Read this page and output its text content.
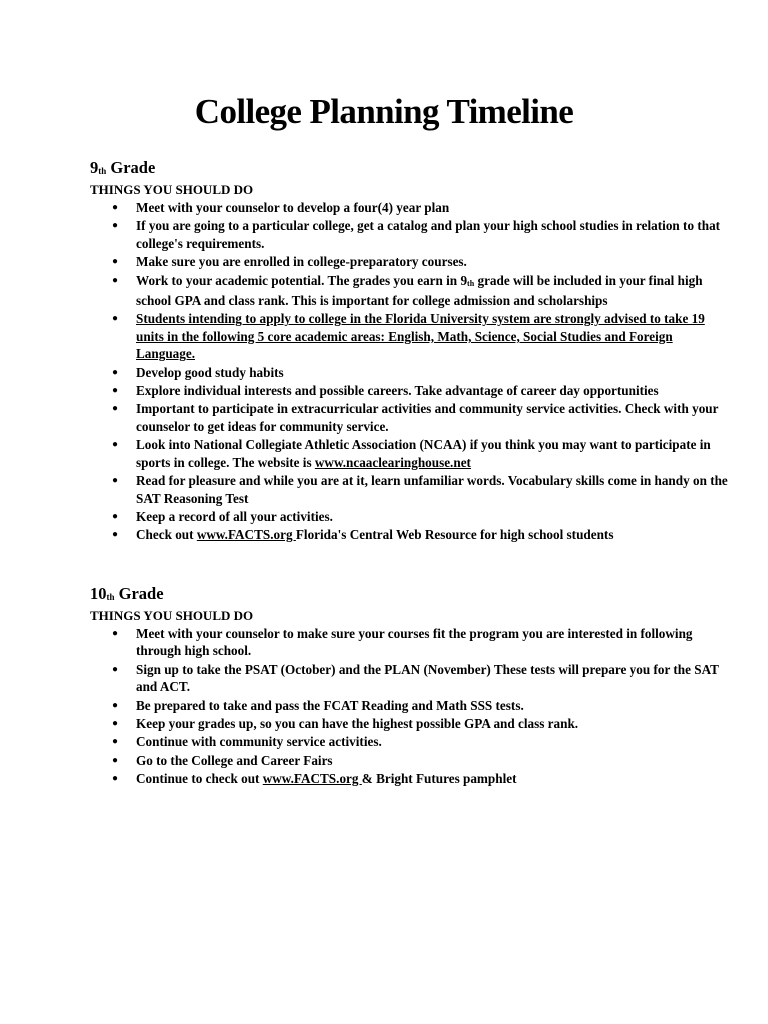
College Planning Timeline

$9_{th}$ Grade

THINGS YOU SHOULD DO

● Meet with your counselor to develop a four(4) year plan
● If you are going to a particular college, get a catalog and plan your high school studies in relation to that college's requirements.
● Make sure you are enrolled in college-preparatory courses.
● Work to your academic potential. The grades you earn in 9th grade will be included in your final high school GPA and class rank. This is important for college admission and scholarships
● Students intending to apply to college in the Florida University system are strongly advised to take 19 units in the following 5 core academic areas: English, Math, Science, Social Studies and Foreign Language.
● Develop good study habits
● Explore individual interests and possible careers. Take advantage of career day opportunities
● Important to participate in extracurricular activities and community service activities. Check with your counselor to get ideas for community service.
● Look into National Collegiate Athletic Association (NCAA) if you think you may want to participate in sports in college. The website is www.ncaaclearinghouse.net
● Read for pleasure and while you are at it, learn unfamiliar words. Vocabulary skills come in handy on the SAT Reasoning Test
● Keep a record of all your activities.
● Check out www.FACTS.org Florida's Central Web Resource for high school students

$10_{th}$ Grade

THINGS YOU SHOULD DO

● Meet with your counselor to make sure your courses fit the program you are interested in following through high school.
● Sign up to take the PSAT (October) and the PLAN (November) These tests will prepare you for the SAT and ACT.
● Be prepared to take and pass the FCAT Reading and Math SSS tests.
● Keep your grades up, so you can have the highest possible GPA and class rank.
● Continue with community service activities.
● Go to the College and Career Fairs
● Continue to check out www.FACTS.org & Bright Futures pamphlet
